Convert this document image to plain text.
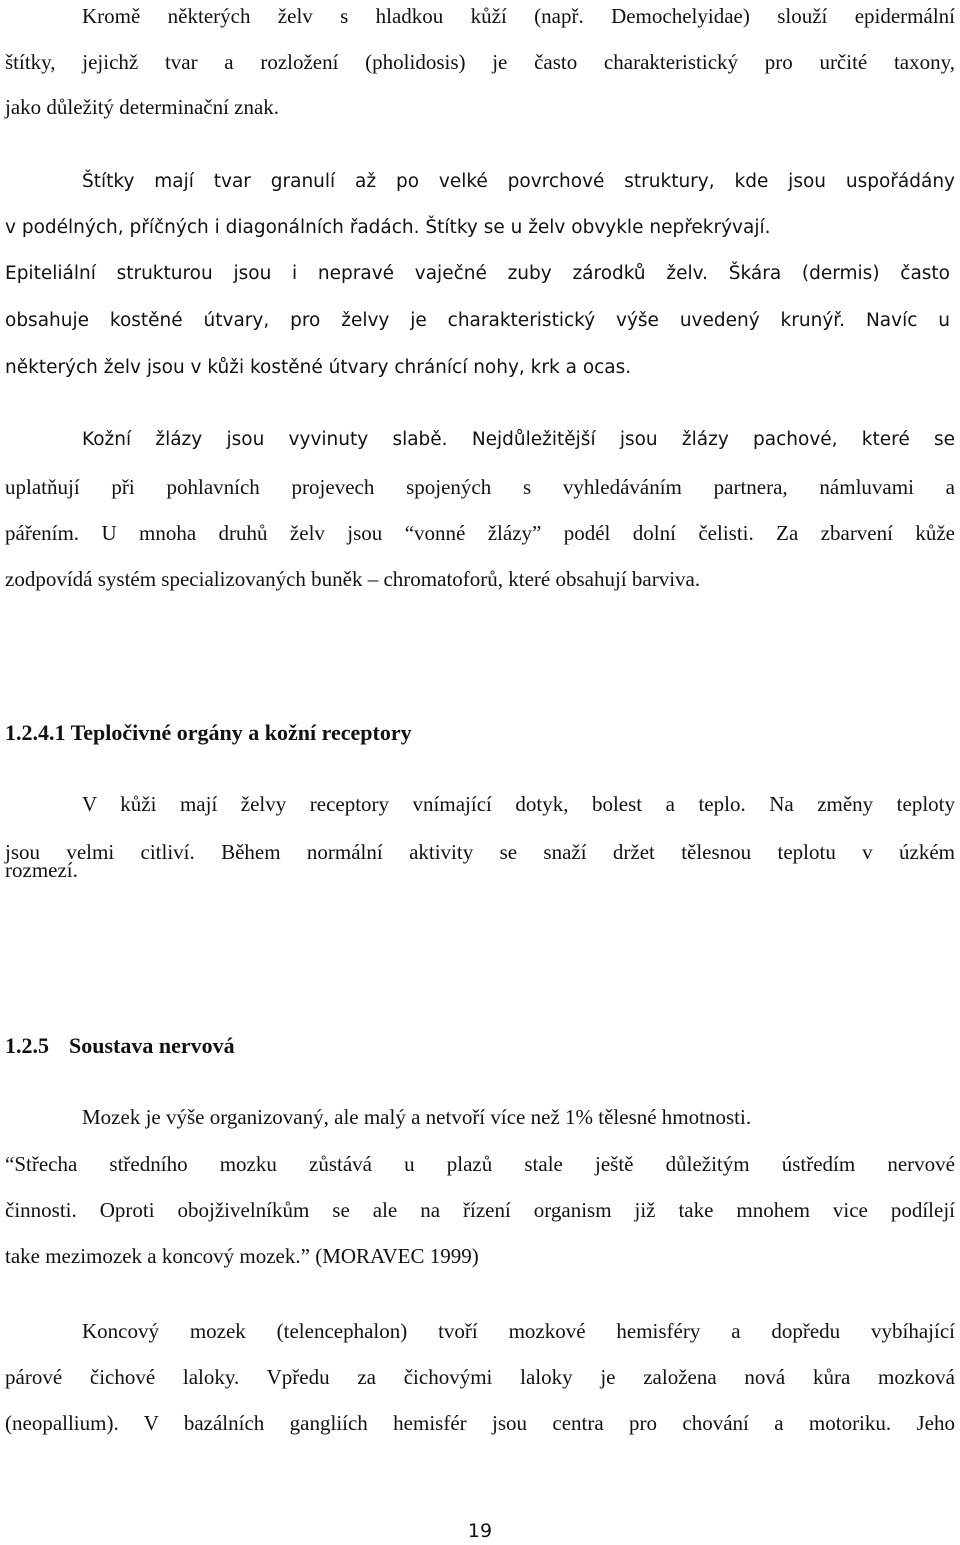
Kromě některých želv s hladkou kůží (např. Demochelyidae) slouží epidermální
štítky, jejichž tvar a rozložení (pholidosis) je často charakteristický pro určité taxony,
jako důležitý determinační znak.
Štítky mají tvar granulí až po velké povrchové struktury, kde jsou uspořádány
v podélných, příčných i diagonálních řadách. Štítky se u želv obvykle nepřekrývají.
Epiteliální strukturou jsou i nepravé vaječné zuby zárodků želv. Škára (dermis) často
obsahuje kostěné útvary, pro želvy je charakteristický výše uvedený krunýř. Navíc u
některých želv jsou v kůži kostěné útvary chránící nohy, krk a ocas.
Kožní žlázy jsou vyvinuty slabě. Nejdůležitější jsou žlázy pachové, které se
uplatňují při pohlavních projevech spojených s vyhledáváním partnera, námluvami a
pářením. U mnoha druhů želv jsou “vonné žlázy” podél dolní čelisti. Za zbarvení kůže
zodpovídá systém specializovaných buněk – chromatoforů, které obsahují barviva.
1.2.4.1 Tepločivné orgány a kožní receptory
V kůži mají želvy receptory vnímající dotyk, bolest a teplo. Na změny teploty
jsou velmi citliví. Během normální aktivity se snaží držet tělesnou teplotu v úzkém
rozmezí.
1.2.5 Soustava nervová
Mozek je výše organizovaný, ale malý a netvoří více než 1% tělesné hmotnosti.
“Střecha středního mozku zůstává u plazů stale ještě důležitým ústředím nervové
činnosti. Oproti obojživelníkům se ale na řízení organism již take mnohem vice podílejí
take mezimozek a koncový mozek.” (MORAVEC 1999)
Koncový mozek (telencephalon) tvoří mozkové hemisféry a dopředu vybíhající
párové čichové laloky. Vpředu za čichovými laloky je založena nová kůra mozková
(neopallium). V bazálních gangliích hemisfér jsou centra pro chování a motoriku. Jeho
19
